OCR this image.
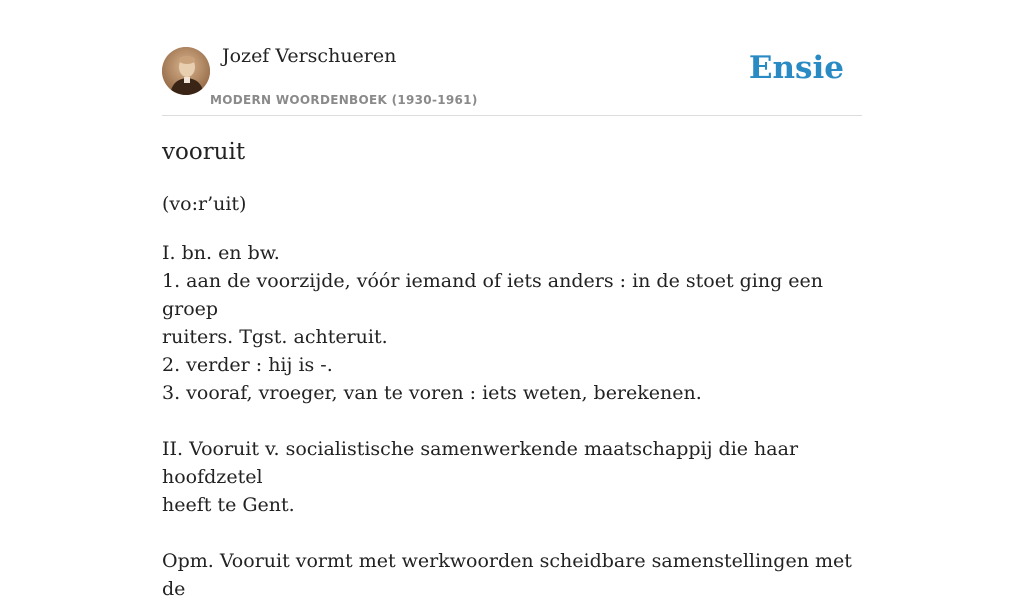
Jozef Verschueren
MODERN WOORDENBOEK (1930-1961)
Ensie
vooruit
(vo:r’uit)
I. bn. en bw.
1. aan de voorzijde, vóór iemand of iets anders : in de stoet ging een groep
ruiters. Tgst. achteruit.
2. verder : hij is -.
3. vooraf, vroeger, van te voren : iets weten, berekenen.
II. Vooruit v. socialistische samenwerkende maatschappij die haar hoofdzetel
heeft te Gent.
Opm. Vooruit vormt met werkwoorden scheidbare samenstellingen met de
